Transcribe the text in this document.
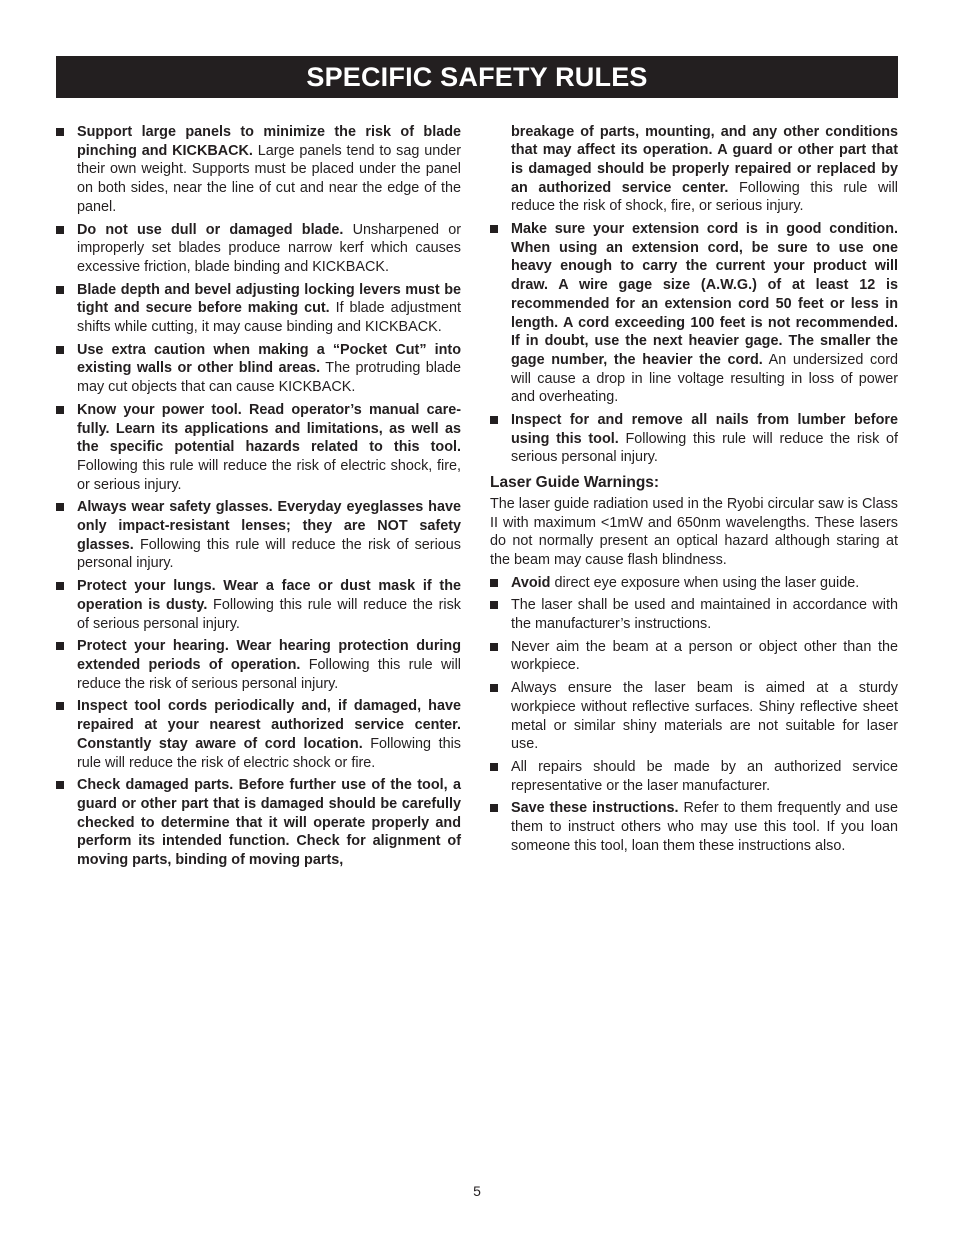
SPECIFIC SAFETY RULES
Support large panels to minimize the risk of blade pinching and KICKBACK. Large panels tend to sag under their own weight. Supports must be placed under the panel on both sides, near the line of cut and near the edge of the panel.
Do not use dull or damaged blade. Unsharpened or improperly set blades produce narrow kerf which causes excessive friction, blade binding and KICKBACK.
Blade depth and bevel adjusting locking levers must be tight and secure before making cut. If blade adjustment shifts while cutting, it may cause binding and KICKBACK.
Use extra caution when making a “Pocket Cut” into existing walls or other blind areas. The protruding blade may cut objects that can cause KICKBACK.
Know your power tool. Read operator’s manual care-fully. Learn its applications and limitations, as well as the specific potential hazards related to this tool. Following this rule will reduce the risk of electric shock, fire, or serious injury.
Always wear safety glasses. Everyday eyeglasses have only impact-resistant lenses; they are NOT safety glasses. Following this rule will reduce the risk of serious personal injury.
Protect your lungs. Wear a face or dust mask if the operation is dusty. Following this rule will reduce the risk of serious personal injury.
Protect your hearing. Wear hearing protection during extended periods of operation. Following this rule will reduce the risk of serious personal injury.
Inspect tool cords periodically and, if damaged, have repaired at your nearest authorized service center. Constantly stay aware of cord location. Following this rule will reduce the risk of electric shock or fire.
Check damaged parts. Before further use of the tool, a guard or other part that is damaged should be carefully checked to determine that it will operate properly and perform its intended function. Check for alignment of moving parts, binding of moving parts,
breakage of parts, mounting, and any other conditions that may affect its operation. A guard or other part that is damaged should be properly repaired or replaced by an authorized service center. Following this rule will reduce the risk of shock, fire, or serious injury.
Make sure your extension cord is in good condition. When using an extension cord, be sure to use one heavy enough to carry the current your product will draw. A wire gage size (A.W.G.) of at least 12 is recommended for an extension cord 50 feet or less in length. A cord exceeding 100 feet is not recommended. If in doubt, use the next heavier gage. The smaller the gage number, the heavier the cord. An undersized cord will cause a drop in line voltage resulting in loss of power and overheating.
Inspect for and remove all nails from lumber before using this tool. Following this rule will reduce the risk of serious personal injury.
Laser Guide Warnings:
The laser guide radiation used in the Ryobi circular saw is Class II with maximum <1mW and 650nm wavelengths. These lasers do not normally present an optical hazard although staring at the beam may cause flash blindness.
Avoid direct eye exposure when using the laser guide.
The laser shall be used and maintained in accordance with the manufacturer’s instructions.
Never aim the beam at a person or object other than the workpiece.
Always ensure the laser beam is aimed at a sturdy workpiece without reflective surfaces. Shiny reflective sheet metal or similar shiny materials are not suitable for laser use.
All repairs should be made by an authorized service representative or the laser manufacturer.
Save these instructions. Refer to them frequently and use them to instruct others who may use this tool. If you loan someone this tool, loan them these instructions also.
5
